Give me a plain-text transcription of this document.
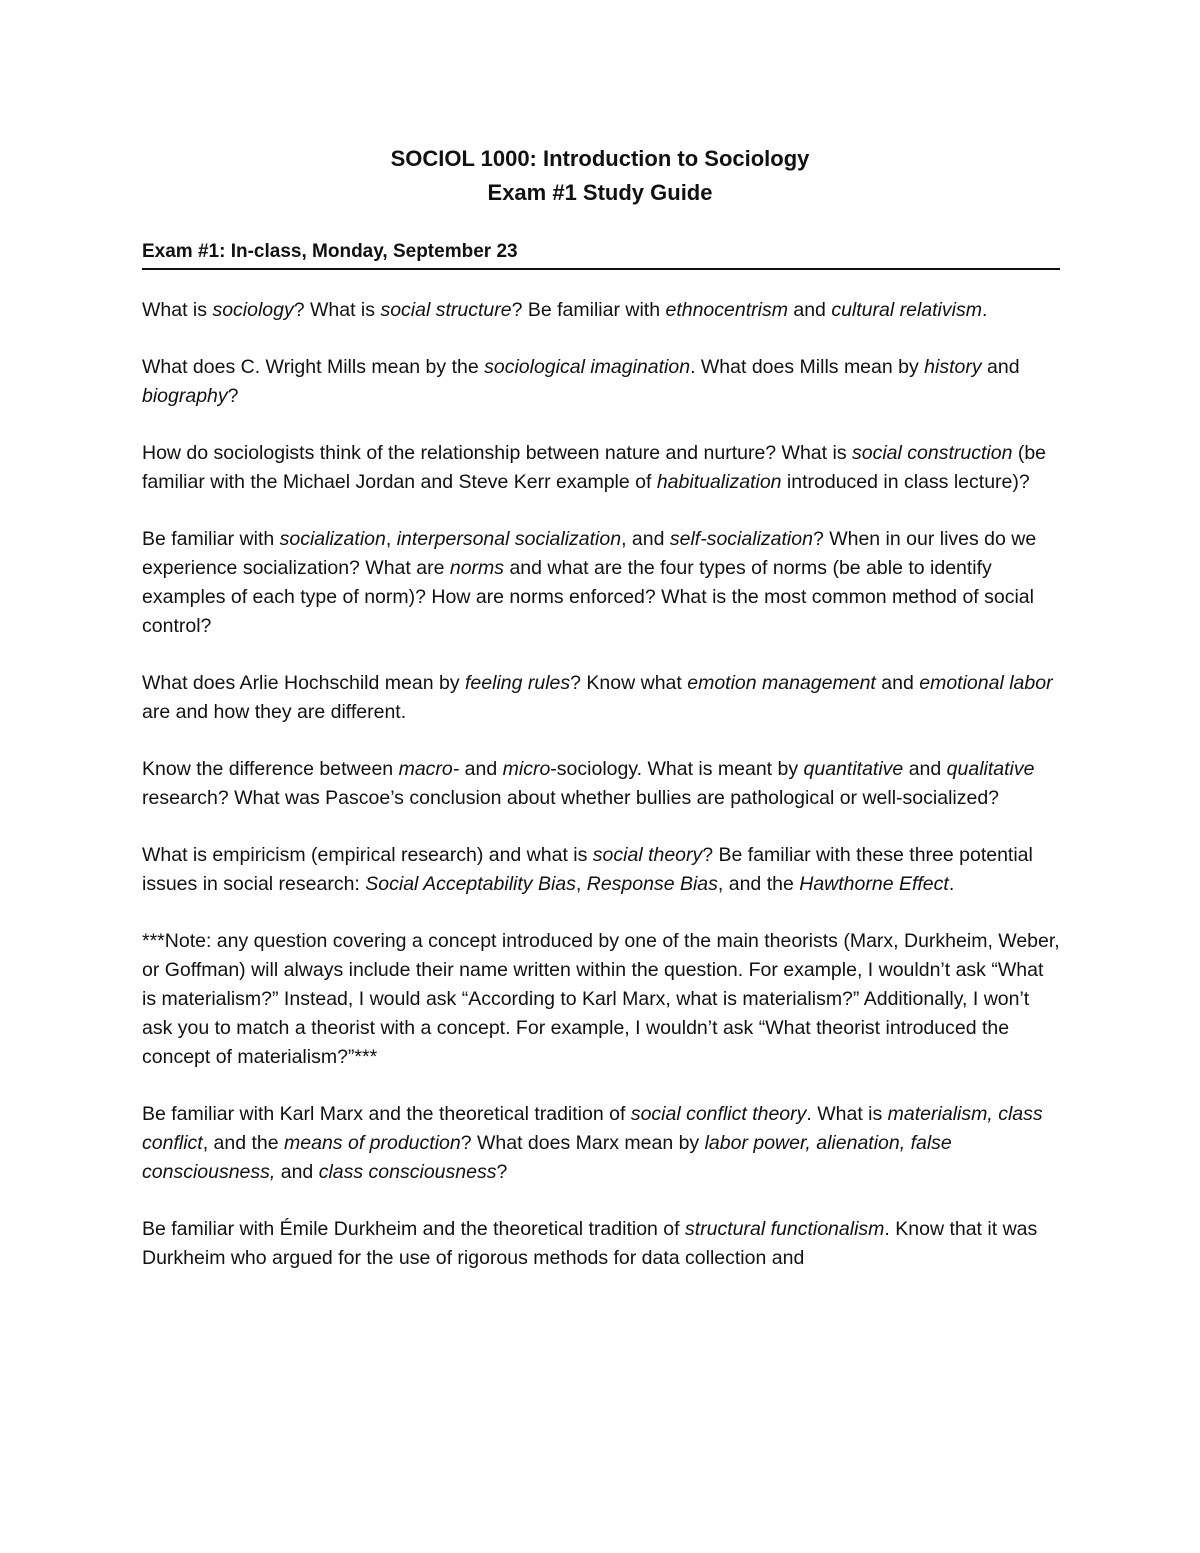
SOCIOL 1000: Introduction to Sociology
Exam #1 Study Guide
Exam #1: In-class, Monday, September 23

What is sociology? What is social structure? Be familiar with ethnocentrism and cultural relativism.

What does C. Wright Mills mean by the sociological imagination. What does Mills mean by history and biography?

How do sociologists think of the relationship between nature and nurture? What is social construction (be familiar with the Michael Jordan and Steve Kerr example of habitualization introduced in class lecture)?

Be familiar with socialization, interpersonal socialization, and self-socialization? When in our lives do we experience socialization? What are norms and what are the four types of norms (be able to identify examples of each type of norm)? How are norms enforced? What is the most common method of social control?

What does Arlie Hochschild mean by feeling rules? Know what emotion management and emotional labor are and how they are different.

Know the difference between macro- and micro-sociology. What is meant by quantitative and qualitative research? What was Pascoe’s conclusion about whether bullies are pathological or well-socialized?

What is empiricism (empirical research) and what is social theory? Be familiar with these three potential issues in social research: Social Acceptability Bias, Response Bias, and the Hawthorne Effect.

***Note: any question covering a concept introduced by one of the main theorists (Marx, Durkheim, Weber, or Goffman) will always include their name written within the question. For example, I wouldn’t ask “What is materialism?” Instead, I would ask “According to Karl Marx, what is materialism?” Additionally, I won’t ask you to match a theorist with a concept. For example, I wouldn’t ask “What theorist introduced the concept of materialism?”***

Be familiar with Karl Marx and the theoretical tradition of social conflict theory. What is materialism, class conflict, and the means of production? What does Marx mean by labor power, alienation, false consciousness, and class consciousness?

Be familiar with Émile Durkheim and the theoretical tradition of structural functionalism. Know that it was Durkheim who argued for the use of rigorous methods for data collection and
